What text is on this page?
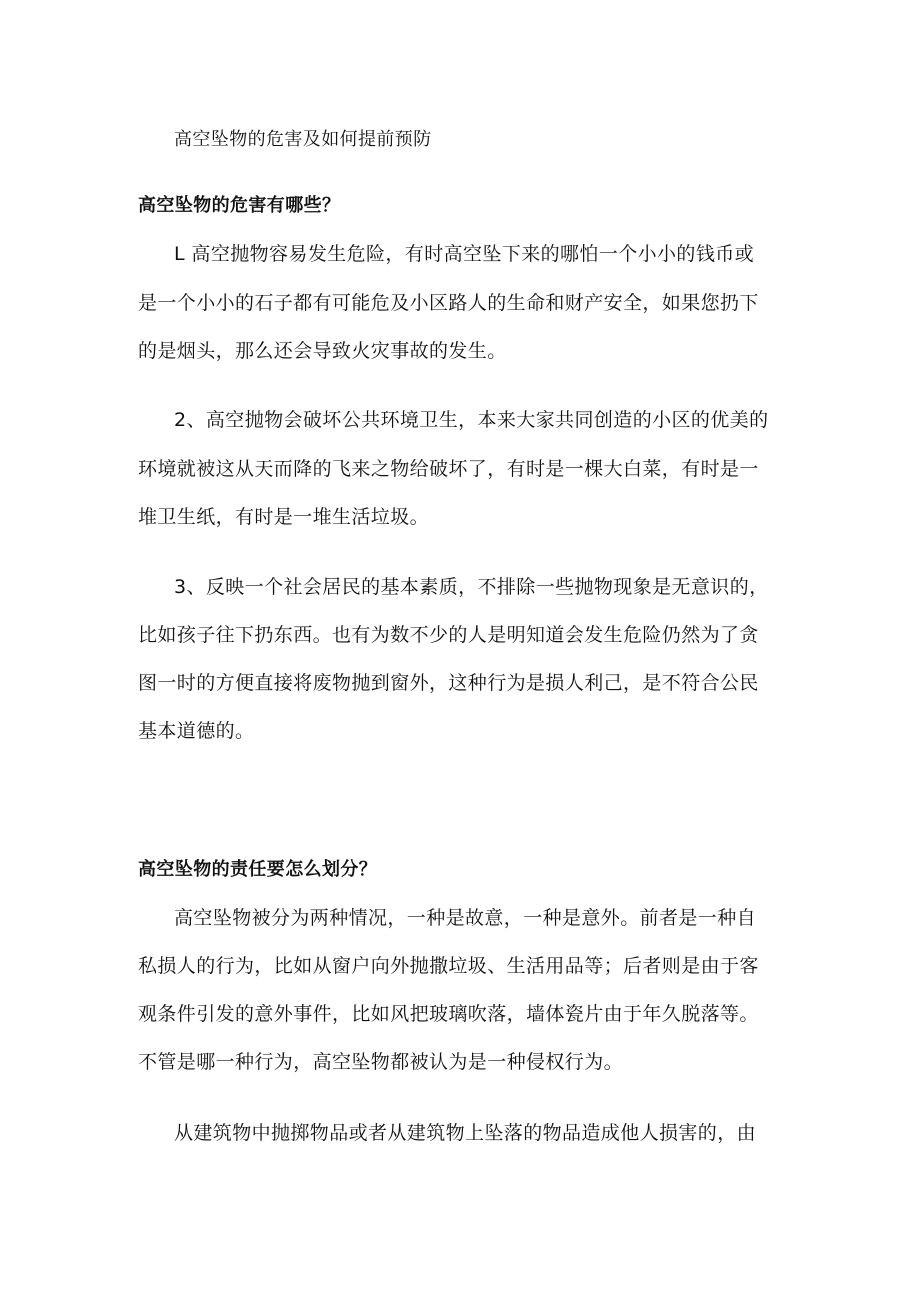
高空坠物的危害及如何提前预防
高空坠物的危害有哪些？
L 高空抛物容易发生危险，有时高空坠下来的哪怕一个小小的钱币或
是一个小小的石子都有可能危及小区路人的生命和财产安全，如果您扔下
的是烟头，那么还会导致火灾事故的发生。
2、高空抛物会破坏公共环境卫生，本来大家共同创造的小区的优美的
环境就被这从天而降的飞来之物给破坏了，有时是一棵大白菜，有时是一
堆卫生纸，有时是一堆生活垃圾。
3、反映一个社会居民的基本素质，不排除一些抛物现象是无意识的，
比如孩子往下扔东西。也有为数不少的人是明知道会发生危险仍然为了贪
图一时的方便直接将废物抛到窗外，这种行为是损人利己，是不符合公民
基本道德的。
高空坠物的责任要怎么划分？
高空坠物被分为两种情况，一种是故意，一种是意外。前者是一种自
私损人的行为，比如从窗户向外抛撒垃圾、生活用品等；后者则是由于客
观条件引发的意外事件，比如风把玻璃吹落，墙体瓷片由于年久脱落等。
不管是哪一种行为，高空坠物都被认为是一种侵权行为。
从建筑物中抛掷物品或者从建筑物上坠落的物品造成他人损害的，由
